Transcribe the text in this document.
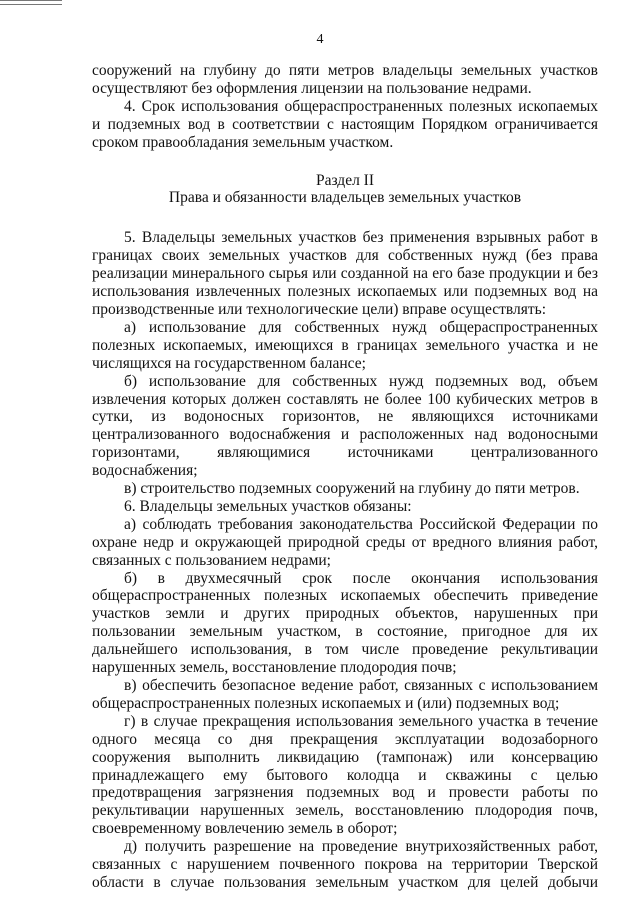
4

сооружений на глубину до пяти метров владельцы земельных участков осуществляют без оформления лицензии на пользование недрами.

4. Срок использования общераспространенных полезных ископаемых и подземных вод в соответствии с настоящим Порядком ограничивается сроком правообладания земельным участком.

Раздел II

Права и обязанности владельцев земельных участков

5. Владельцы земельных участков без применения взрывных работ в границах своих земельных участков для собственных нужд (без права реализации минерального сырья или созданной на его базе продукции и без использования извлеченных полезных ископаемых или подземных вод на производственные или технологические цели) вправе осуществлять:

а) использование для собственных нужд общераспространенных полезных ископаемых, имеющихся в границах земельного участка и не числящихся на государственном балансе;

б) использование для собственных нужд подземных вод, объем извлечения которых должен составлять не более 100 кубических метров в сутки, из водоносных горизонтов, не являющихся источниками централизованного водоснабжения и расположенных над водоносными горизонтами, являющимися источниками централизованного водоснабжения;

в) строительство подземных сооружений на глубину до пяти метров.

6. Владельцы земельных участков обязаны:

а) соблюдать требования законодательства Российской Федерации по охране недр и окружающей природной среды от вредного влияния работ, связанных с пользованием недрами;

б) в двухмесячный срок после окончания использования общераспространенных полезных ископаемых обеспечить приведение участков земли и других природных объектов, нарушенных при пользовании земельным участком, в состояние, пригодное для их дальнейшего использования, в том числе проведение рекультивации нарушенных земель, восстановление плодородия почв;

в) обеспечить безопасное ведение работ, связанных с использованием общераспространенных полезных ископаемых и (или) подземных вод;

г) в случае прекращения использования земельного участка в течение одного месяца со дня прекращения эксплуатации водозаборного сооружения выполнить ликвидацию (тампонаж) или консервацию принадлежащего ему бытового колодца и скважины с целью предотвращения загрязнения подземных вод и провести работы по рекультивации нарушенных земель, восстановлению плодородия почв, своевременному вовлечению земель в оборот;

д) получить разрешение на проведение внутрихозяйственных работ, связанных с нарушением почвенного покрова на территории Тверской области в случае пользования земельным участком для целей добычи
